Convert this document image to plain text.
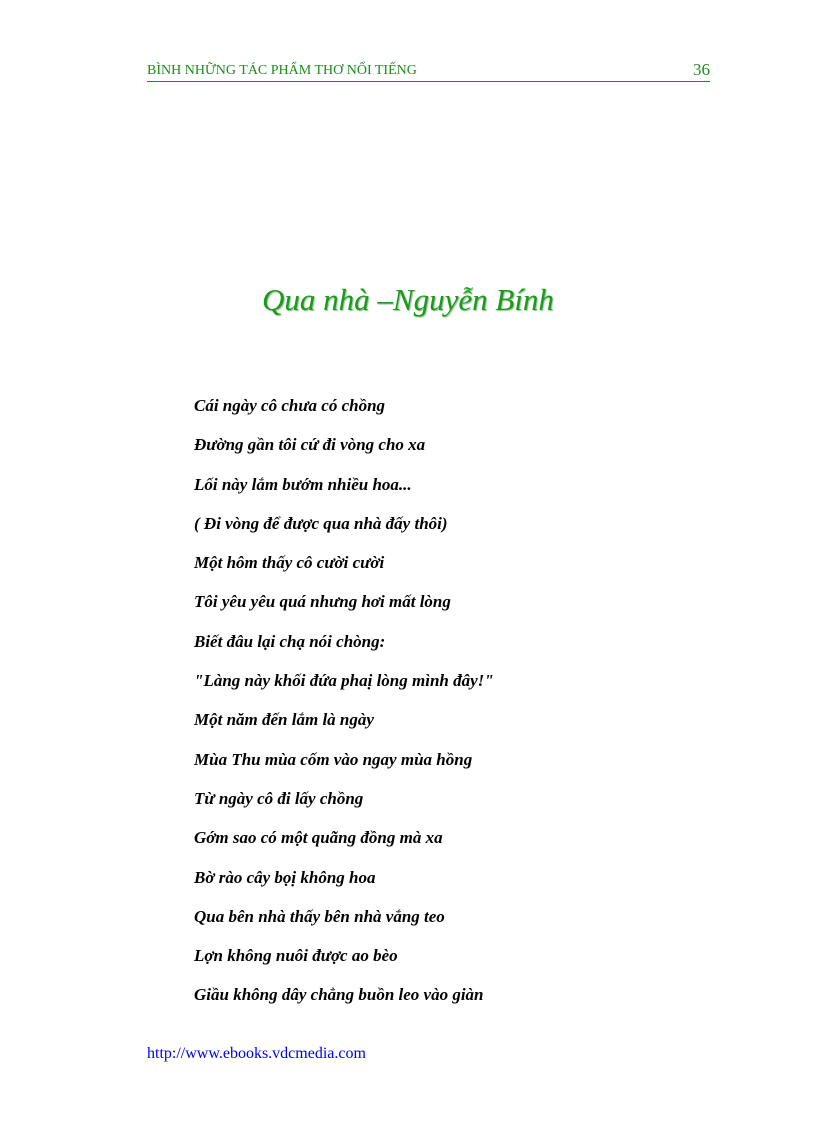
BÌNH NHỮNG TÁC PHẨM THƠ NỔI TIẾNG	36
Qua nhà –Nguyễn Bính
Cái ngày cô chưa có chồng
Đường gần tôi cứ đi vòng cho xa
Lối này lắm bướm nhiều hoa...
( Đi vòng để được qua nhà đấy thôi)
Một hôm thấy cô cười cười
Tôi yêu yêu quá nhưng hơi mất lòng
Biết đâu lại chạ nói chòng:
"Làng này khối đứa phaị lòng mình đây!"
Một năm đến lắm là ngày
Mùa Thu mùa cốm vào ngay mùa hồng
Từ ngày cô đi lấy chồng
Gớm sao có một quãng đồng mà xa
Bờ rào cây bọị không hoa
Qua bên nhà thấy bên nhà vắng teo
Lợn không nuôi được ao bèo
Giầu không dây chẳng buồn leo vào giàn
http://www.ebooks.vdcmedia.com
